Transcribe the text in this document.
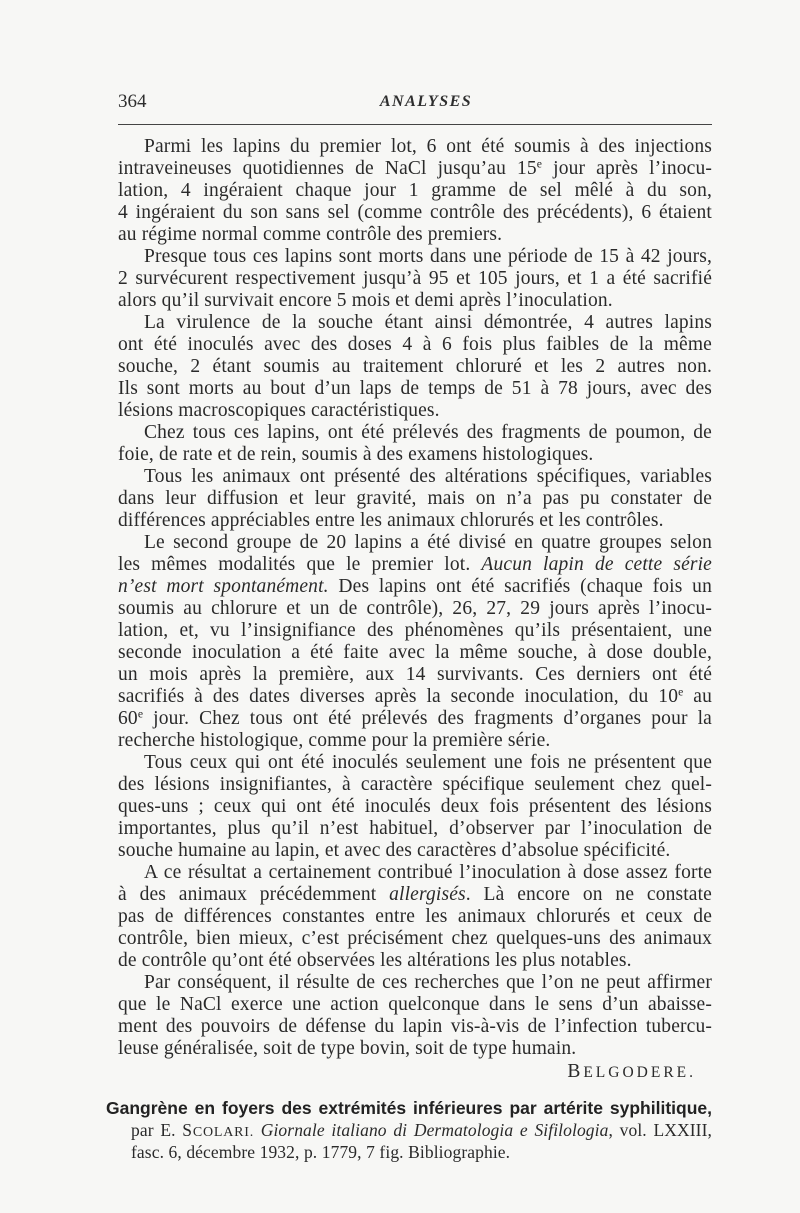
364	ANALYSES
Parmi les lapins du premier lot, 6 ont été soumis à des injections
intraveineuses quotidiennes de NaCl jusqu’au 15e jour après l’inocu-
lation, 4 ingéraient chaque jour 1 gramme de sel mêlé à du son,
4 ingéraient du son sans sel (comme contrôle des précédents), 6 étaient
au régime normal comme contrôle des premiers.
Presque tous ces lapins sont morts dans une période de 15 à 42 jours,
2 survécurent respectivement jusqu’à 95 et 105 jours, et 1 a été sacrifié
alors qu’il survivait encore 5 mois et demi après l’inoculation.
La virulence de la souche étant ainsi démontrée, 4 autres lapins
ont été inoculés avec des doses 4 à 6 fois plus faibles de la même
souche, 2 étant soumis au traitement chloruré et les 2 autres non.
Ils sont morts au bout d’un laps de temps de 51 à 78 jours, avec des
lésions macroscopiques caractéristiques.
Chez tous ces lapins, ont été prélevés des fragments de poumon, de
foie, de rate et de rein, soumis à des examens histologiques.
Tous les animaux ont présenté des altérations spécifiques, variables
dans leur diffusion et leur gravité, mais on n’a pas pu constater de
différences appréciables entre les animaux chlorurés et les contrôles.
Le second groupe de 20 lapins a été divisé en quatre groupes selon
les mêmes modalités que le premier lot. Aucun lapin de cette série
n’est mort spontanément. Des lapins ont été sacrifiés (chaque fois un
soumis au chlorure et un de contrôle), 26, 27, 29 jours après l’inocu-
lation, et, vu l’insignifiance des phénomènes qu’ils présentaient, une
seconde inoculation a été faite avec la même souche, à dose double,
un mois après la première, aux 14 survivants. Ces derniers ont été
sacrifiés à des dates diverses après la seconde inoculation, du 10e au
60e jour. Chez tous ont été prélevés des fragments d’organes pour la
recherche histologique, comme pour la première série.
Tous ceux qui ont été inoculés seulement une fois ne présentent que
des lésions insignifiantes, à caractère spécifique seulement chez quel-
ques-uns ; ceux qui ont été inoculés deux fois présentent des lésions
importantes, plus qu’il n’est habituel, d’observer par l’inoculation de
souche humaine au lapin, et avec des caractères d’absolue spécificité.
A ce résultat a certainement contribué l’inoculation à dose assez forte
à des animaux précédemment allergisés. Là encore on ne constate
pas de différences constantes entre les animaux chlorurés et ceux de
contrôle, bien mieux, c’est précisément chez quelques-uns des animaux
de contrôle qu’ont été observées les altérations les plus notables.
Par conséquent, il résulte de ces recherches que l’on ne peut affirmer
que le NaCl exerce une action quelconque dans le sens d’un abaisse-
ment des pouvoirs de défense du lapin vis-à-vis de l’infection tubercu-
leuse généralisée, soit de type bovin, soit de type humain.
BELGODERE.
Gangrène en foyers des extrémités inférieures par artérite syphilitique,
par E. SCOLARI. Giornale italiano di Dermatologia e Sifilologia, vol. LXXIII,
fasc. 6, décembre 1932, p. 1779, 7 fig. Bibliographie.
